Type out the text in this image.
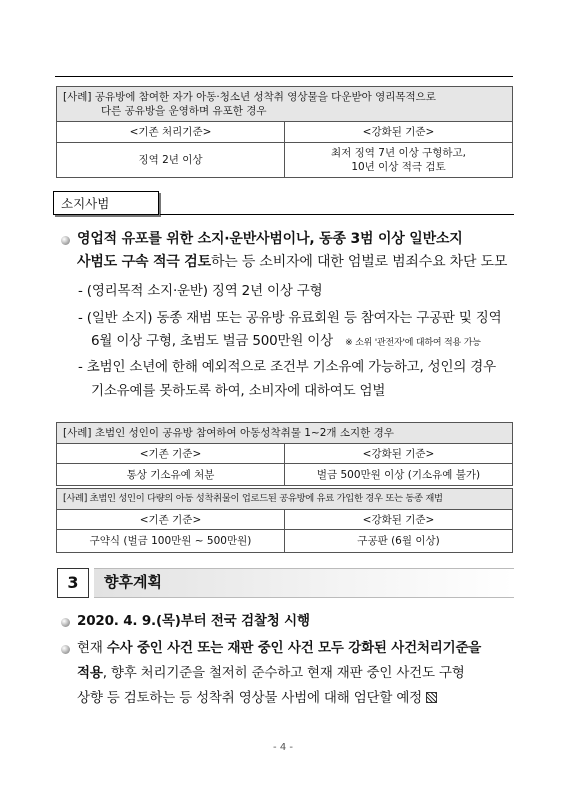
[사례] 공유방에 참여한 자가 아동·청소년 성착취 영상물을 다운받아 영리목적으로
다른 공유방을 운영하며 유포한 경우	
<기존 처리기준>	<강화된 기준>
징역 2년 이상	최저 징역 7년 이상 구형하고,
10년 이상 적극 검토
소지사범
영업적 유포를 위한 소지·운반사범이나, 동종 3범 이상 일반소지
사범도 구속 적극 검토하는 등 소비자에 대한 엄벌로 범죄수요 차단 도모
- (영리목적 소지·운반) 징역 2년 이상 구형
- (일반 소지) 동종 재범 또는 공유방 유료회원 등 참여자는 구공판 및 징역
6월 이상 구형, 초범도 벌금 500만원 이상 ※ 소위 '관전자'에 대하여 적용 가능
- 초범인 소년에 한해 예외적으로 조건부 기소유예 가능하고, 성인의 경우
기소유예를 못하도록 하여, 소비자에 대하여도 엄벌
[사례] 초범인 성인이 공유방 참여하여 아동성착취물 1~2개 소지한 경우	
<기존 기준>	<강화된 기준>
통상 기소유예 처분	벌금 500만원 이상 (기소유예 불가)
[사례] 초범인 성인이 다량의 아동 성착취물이 업로드된 공유방에 유료 가입한 경우 또는 동종 재범	
<기존 기준>	<강화된 기준>
구약식 (벌금 100만원 ~ 500만원)	구공판 (6월 이상)
3	향후계획
2020. 4. 9.(목)부터 전국 검찰청 시행
현재 수사 중인 사건 또는 재판 중인 사건 모두 강화된 사건처리기준을
적용, 향후 처리기준을 철저히 준수하고 현재 재판 중인 사건도 구형
상향 등 검토하는 등 성착취 영상물 사범에 대해 엄단할 예정
- 4 -
